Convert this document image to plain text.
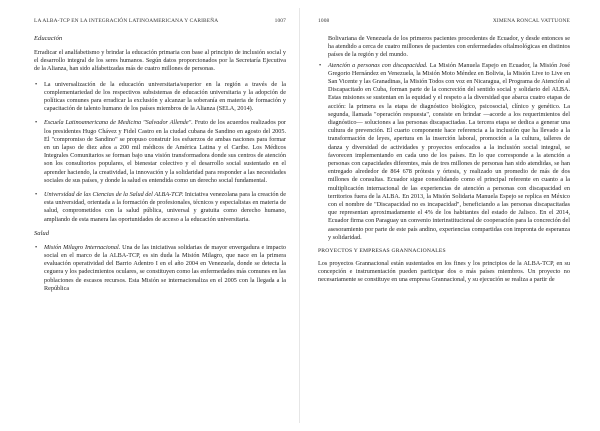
LA ALBA-TCP EN LA INTEGRACIÓN LATINOAMERICANA Y CARIBEÑA	1007
Educación

Erradicar el analfabetismo y brindar la educación primaria con base al principio de inclusión social y el desarrollo integral de los seres humanos. Según datos proporcionados por la Secretaría Ejecutiva de la Alianza, han sido alfabetizadas más de cuatro millones de personas.

• La universalización de la educación universitaria/superior en la región a través de la complementariedad de los respectivos subsistemas de educación universitaria y la adopción de políticas comunes para erradicar la exclusión y alcanzar la soberanía en materia de formación y capacitación de talento humano de los países miembros de la Alianza (SELA, 2014).
• Escuela Latinoamericana de Medicina "Salvador Allende". Fruto de los acuerdos realizados por los presidentes Hugo Chávez y Fidel Castro en la ciudad cubana de Sandino en agosto del 2005. El "compromiso de Sandino" se propuso construir los esfuerzos de ambas naciones para formar en un lapso de diez años a 200 mil médicos de América Latina y el Caribe. Los Médicos Integrales Comunitarios se forman bajo una visión transformadora donde sus centros de atención son los consultorios populares, el bienestar colectivo y el desarrollo social sustentado en el aprender haciendo, la creatividad, la innovación y la solidaridad para responder a las necesidades sociales de sus países, y donde la salud es entendida como un derecho social fundamental.
• Universidad de las Ciencias de la Salud del ALBA-TCP. Iniciativa venezolana para la creación de esta universidad, orientada a la formación de profesionales, técnicos y especialistas en materia de salud, comprometidos con la salud pública, universal y gratuita como derecho humano, ampliando de esta manera las oportunidades de acceso a la educación universitaria.
Salud
• Misión Milagro Internacional. Una de las iniciativas solidarias de mayor envergadura e impacto social en el marco de la ALBA-TCP, es sin duda la Misión Milagro, que nace en la primera evaluación operatividad del Barrio Adentro I en el año 2004 en Venezuela, donde se detecta la ceguera y los padecimientos oculares, se constituyen como las enfermedades más comunes en las poblaciones de escasos recursos. Esta Misión se internacionaliza en el 2005 con la llegada a la República
1008	XIMENA RONCAL VATTUONE

Bolivariana de Venezuela de los primeros pacientes procedentes de Ecuador, y desde entonces se ha atendido a cerca de cuatro millones de pacientes con enfermedades oftalmológicas en distintos países de la región y del mundo.

• Atención a personas con discapacidad. La Misión Manuela Espejo en Ecuador, la Misión José Gregorio Hernández en Venezuela, la Misión Moto Méndez en Bolivia, la Misión Live to Live en San Vicente y las Granadinas, la Misión Todos con voz en Nicaragua, el Programa de Atención al Discapacitado en Cuba, forman parte de la concreción del sentido social y solidario del ALBA. Estas misiones se sustentan en la equidad y el respeto a la diversidad que abarca cuatro etapas de acción: la primera es la etapa de diagnóstico biológico, psicosocial, clínico y genético. La segunda, llamada "operación respuesta", consiste en brindar —acorde a los requerimientos del diagnóstico— soluciones a las personas discapacitadas. La tercera etapa se dedica a generar una cultura de prevención. El cuarto componente hace referencia a la inclusión que ha llevado a la transformación de leyes, apertura en la inserción laboral, promoción a la cultura, talleres de danza y diversidad de actividades y proyectos enfocados a la inclusión social integral, se favorecen implementando en cada uno de los países. En lo que corresponde a la atención a personas con capacidades diferentes, más de tres millones de personas han sido atendidas, se han entregado alrededor de 864 678 prótesis y órtesis, y realizado un promedio de más de dos millones de consultas. Ecuador sigue consolidando como el principal referente en cuanto a la multiplicación internacional de las experiencias de atención a personas con discapacidad en territorios fuera de la ALBA. En 2013, la Misión Solidaria Manuela Espejo se replica en México con el nombre de "Discapacidad no es incapacidad", beneficiando a las personas discapacitadas que representan aproximadamente el 4% de los habitantes del estado de Jalisco. En el 2014, Ecuador firma con Paraguay un convenio interinstitucional de cooperación para la concreción del asesoramiento por parte de este país andino, experiencias compartidas con impronta de esperanza y solidaridad.
PROYECTOS Y EMPRESAS GRANNACIONALES

Los proyectos Grannacional están sustentados en los fines y los principios de la ALBA-TCP, en su concepción e instrumentación pueden participar dos o más países miembros. Un proyecto no necesariamente se constituye en una empresa Grannacional, y su ejecución se realiza a partir de
